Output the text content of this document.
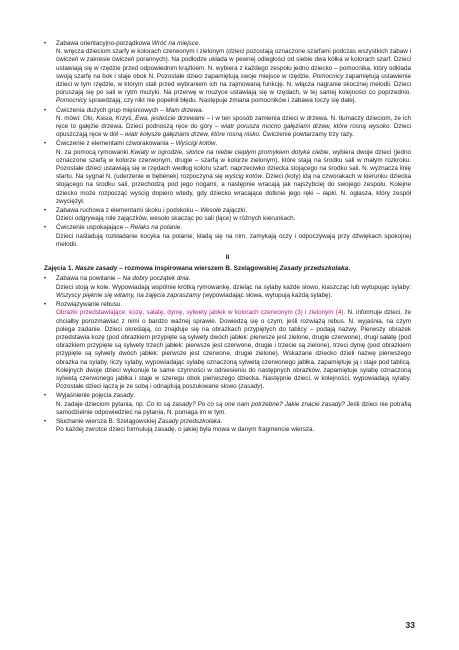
• Zabawa orientacyjno-porządkowa Wróć na miejsce.

N. wręcza dzieciom szarfy w kolorach czerwonym i zielonym (dzieci pozostają oznaczone szarfami podczas wszystkich zabaw i ćwiczeń w zakresie ćwiczeń porannych). Na podłodze układa w pewnej odległości od siebie dwa kółka w kolorach szarf. Dzieci ustawiają się w rzędzie przed odpowiednim krążkiem. N. wybiera z każdego zespołu jedno dziecko – pomocnika, który odkłada swoją szarfę na bok i staje obok N. Pozostałe dzieci zapamiętują swoje miejsce w rzędzie. Pomocnicy zapamiętują ustawienie dzieci w tym rzędzie, w którym stali przed wybraniem ich na zajmowaną funkcję. N. włącza nagranie skocznej melodii. Dzieci poruszają się po sali w rytm muzyki. Na przerwę w muzyce ustawiają się w rzędach, w tej samej kolejności co poprzednio. Pomocnicy sprawdzają, czy nikt nie popełnił błędu. Następuje zmiana pomocników i zabawa toczy się dalej.

• Ćwiczenia dużych grup mięśniowych – Mam drzewa.

N. mówi: Olo, Kasia, Krzyś, Ewa, jesteście drzewami – i w ten sposób zamienia dzieci w drzewa. N. tłumaczy dzieciom, że ich ręce to gałęzie drzewa. Dzieci podnoszą ręce do góry – wiatr porusza mocno gałęziami drzew, które rosną wysoko. Dzieci opuszczają ręce w dół – wiatr kołysze gałęziami drzew, które rosną nisko. Ćwiczenie powtarzamy trzy razy.

• Ćwiczenie z elementami czworakowania – Wyścigi kotów.

N. za pomocą rymowanki Kwiaty w ogrodzie, słońce na niebie ciepłym promykiem dotyka ciebie, wybiera dwoje dzieci (jedno oznaczone szarfą w kolorze czerwonym, drugie – szarfą w kolorze zielonym), które stają na środku sali w małym rozkroku. Pozostałe dzieci ustawiają się w rzędach według koloru szarf, naprzeciwko dziecka stojącego na środku sali. N. wyznacza linię startu. Na sygnał N. (uderzenie w bębenek) rozpoczyna się wyścig kotów. Dzieci (koty) idą na czworakach w kierunku dziecka stojącego na środku sali, przechodzą pod jego nogami, a następnie wracają jak najszybciej do swojego zespołu. Kolejne dziecko może rozpocząć wyścig dopiero wtedy, gdy dziecko wracające dotknie jego ręki – łapki. N. ogłasza, który zespół zwyciężył.

• Zabawa ruchowa z elementami skoku i podskoku – Wesołe zajączki.

Dzieci odgrywają role zajączków, wesoło skacząc po sali (łące) w różnych kierunkach.

• Ćwiczenie uspokajające – Relaks na polanie.

Dzieci naśladują rozkładanie kocyka na polanie, kładą się na nim, zamykają oczy i odpoczywają przy dźwiękach spokojnej melodii.

II

Zajęcia 1. Nasze zasady – rozmowa inspirowana wierszem B. Szelągowskiej Zasady przedszkolaka.

• Zabawa na powitanie – Na dobry początek dnia.

Dzieci stoją w kole. Wypowiadają wspólnie krótką rymowankę, dzieląc na sylaby każde słowo, klaszcząc lub wytupując sylaby: Wszyscy pięknie się witamy, na zajęcia zapraszamy (wypowiadając słowa, wytupują każdą sylabę).

• Rozwiązywanie rebusu.

Obrazki przedstawiające: kozę, sałatę, dynię, sylwety jabłek w kolorach czerwonym (3) i zielonym (4). N. informuje dzieci, że chciałby porozmawiać z nimi o bardzo ważnej sprawie. Dowiedzą się o czym, jeśli rozwiążą rebus. N. wyjaśnia, na czym polega zadanie. Dzieci określają, co znajduje się na obrazkach przypiętych do tablicy – podają nazwy. Pierwszy obrazek przedstawia kozę (pod obrazkiem przypięte są sylwety dwóch jabłek: pierwsze jest zielone, drugie czerwone), drugi sałatę (pod obrazkiem przypięte są sylwety trzech jabłek: pierwsze jest czerwone, drugie i trzecie są zielone), trzeci dynię (pod obrazkiem przypięte są sylwety dwóch jabłek: pierwsze jest czerwone, drugie zielone). Wskazane dziecko dzieli nazwę pierwszego obrazka na sylaby, liczy sylaby, wypowiadając sylabę oznaczoną sylwetą czerwonego jabłka, zapamiętuje ją i staje pod tablicą. Kolejnych dwoje dzieci wykonuje te same czynności w odniesieniu do następnych obrazków, zapamiętuje sylabę oznaczoną sylwetą czerwonego jabłka i staje w szeregu obok pierwszego dziecka. Następnie dzieci, w kolejności, wypowiadają sylaby. Pozostałe dzieci łączą je ze sobą i odnajdują poszukiwane słowo (zasady).

• Wyjaśnienie pojęcia zasady.

N. zadaje dzieciom pytania, np. Co to są zasady? Po co są one nam potrzebne? Jakie znacie zasady? Jeśli dzieci nie potrafią samodzielnie odpowiedzieć na pytania, N. pomaga im w tym.

• Słuchanie wiersza B. Szelągowskiej Zasady przedszkolaka.

Po każdej zwrotce dzieci formułują zasadę, o jakiej była mowa w danym fragmencie wiersza.

33
